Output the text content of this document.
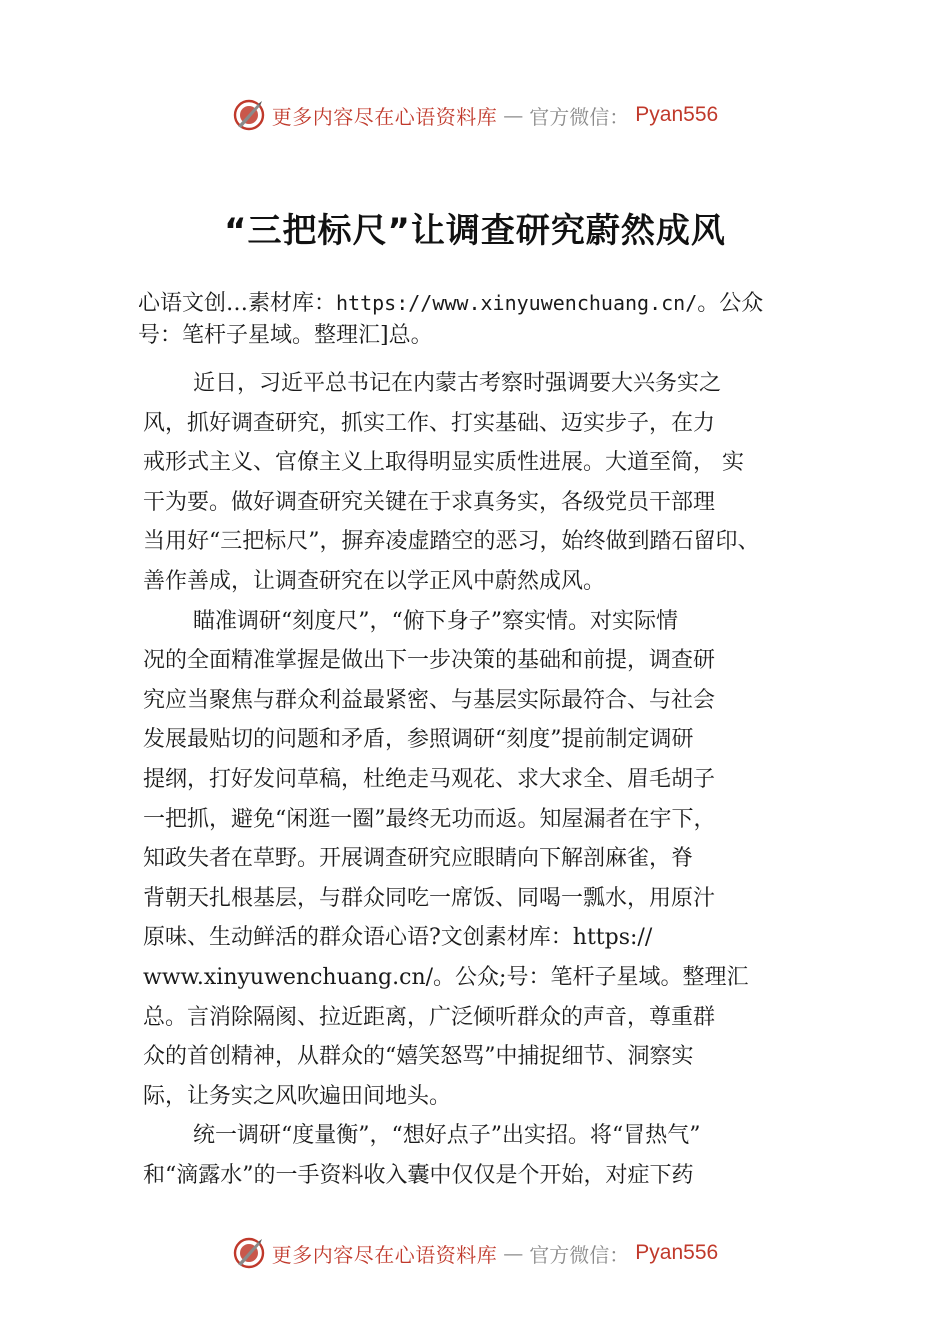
更多内容尽在心语资料库 — 官方微信： Pyan556
“三把标尺”让调查研究蔚然成风
心语文创…素材库：https://www.xinyuwenchuang.cn/。公众
号：笔杆子星域。整理汇]总。
近日，习近平总书记在内蒙古考察时强调要大兴务实之
风，抓好调查研究，抓实工作、打实基础、迈实步子，在力
戒形式主义、官僚主义上取得明显实质性进展。大道至简， 实
干为要。做好调查研究关键在于求真务实，各级党员干部理
当用好“三把标尺”，摒弃凌虚踏空的恶习，始终做到踏石留印、
善作善成，让调查研究在以学正风中蔚然成风。
瞄准调研“刻度尺”，“俯下身子”察实情。对实际情
况的全面精准掌握是做出下一步决策的基础和前提，调查研
究应当聚焦与群众利益最紧密、与基层实际最符合、与社会
发展最贴切的问题和矛盾，参照调研“刻度”提前制定调研
提纲，打好发问草稿，杜绝走马观花、求大求全、眉毛胡子
一把抓，避免“闲逛一圈”最终无功而返。知屋漏者在宇下，
知政失者在草野。开展调查研究应眼睛向下解剖麻雀，脊
背朝天扎根基层，与群众同吃一席饭、同喝一瓢水，用原汁
原味、生动鲜活的群众语心语?文创素材库：https://
www.xinyuwenchuang.cn/。公众;号：笔杆子星域。整理汇
总。言消除隔阂、拉近距离，广泛倾听群众的声音，尊重群
众的首创精神，从群众的“嬉笑怒骂”中捕捉细节、洞察实
际，让务实之风吹遍田间地头。
统一调研“度量衡”，“想好点子”出实招。将“冒热气”
和“滴露水”的一手资料收入囊中仅仅是个开始，对症下药
更多内容尽在心语资料库 — 官方微信： Pyan556
